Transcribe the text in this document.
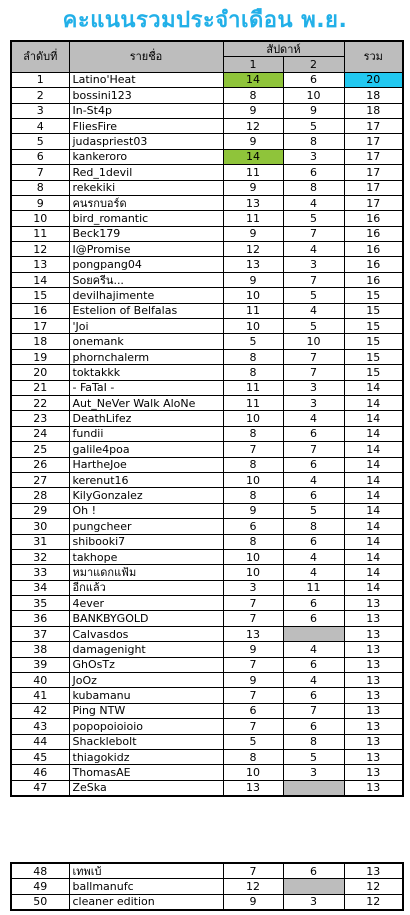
คะแนนรวมประจำเดือน พ.ย.
ลำดับที่	รายชื่อ	สัปดาห์		รวม
		1	2	
1	Latino'Heat	14	6	20
2	bossini123	8	10	18
3	In-St4p	9	9	18
4	FliesFire	12	5	17
5	judaspriest03	9	8	17
6	kankeroro	14	3	17
7	Red_1devil	11	6	17
8	rekekiki	9	8	17
9	คนรกบอร์ด	13	4	17
10	bird_romantic	11	5	16
11	Beck179	9	7	16
12	I@Promise	12	4	16
13	pongpang04	13	3	16
14	Soยครีน...	9	7	16
15	devilhajimente	10	5	15
16	Estelion of Belfalas	11	4	15
17	'Joi	10	5	15
18	onemank	5	10	15
19	phornchalerm	8	7	15
20	toktakkk	8	7	15
21	- FaTaI -	11	3	14
22	Aut_NeVer Walk AloNe	11	3	14
23	DeathLifez	10	4	14
24	fundii	8	6	14
25	galile4poa	7	7	14
26	HartheJoe	8	6	14
27	kerenut16	10	4	14
28	KilyGonzalez	8	6	14
29	Oh !	9	5	14
30	pungcheer	6	8	14
31	shibooki7	8	6	14
32	takhope	10	4	14
33	หมาแดกแฟ้ม	10	4	14
34	อีกแล้ว	3	11	14
35	4ever	7	6	13
36	BANKBYGOLD	7	6	13
37	Calvasdos	13		13
38	damagenight	9	4	13
39	GhOsTz	7	6	13
40	JoOz	9	4	13
41	kubamanu	7	6	13
42	Ping NTW	6	7	13
43	popopoioioio	7	6	13
44	Shacklebolt	5	8	13
45	thiagokidz	8	5	13
46	ThomasAE	10	3	13
47	ZeSka	13		13
48	เทพเบ้	7	6	13
49	ballmanufc	12		12
50	cleaner edition	9	3	12
